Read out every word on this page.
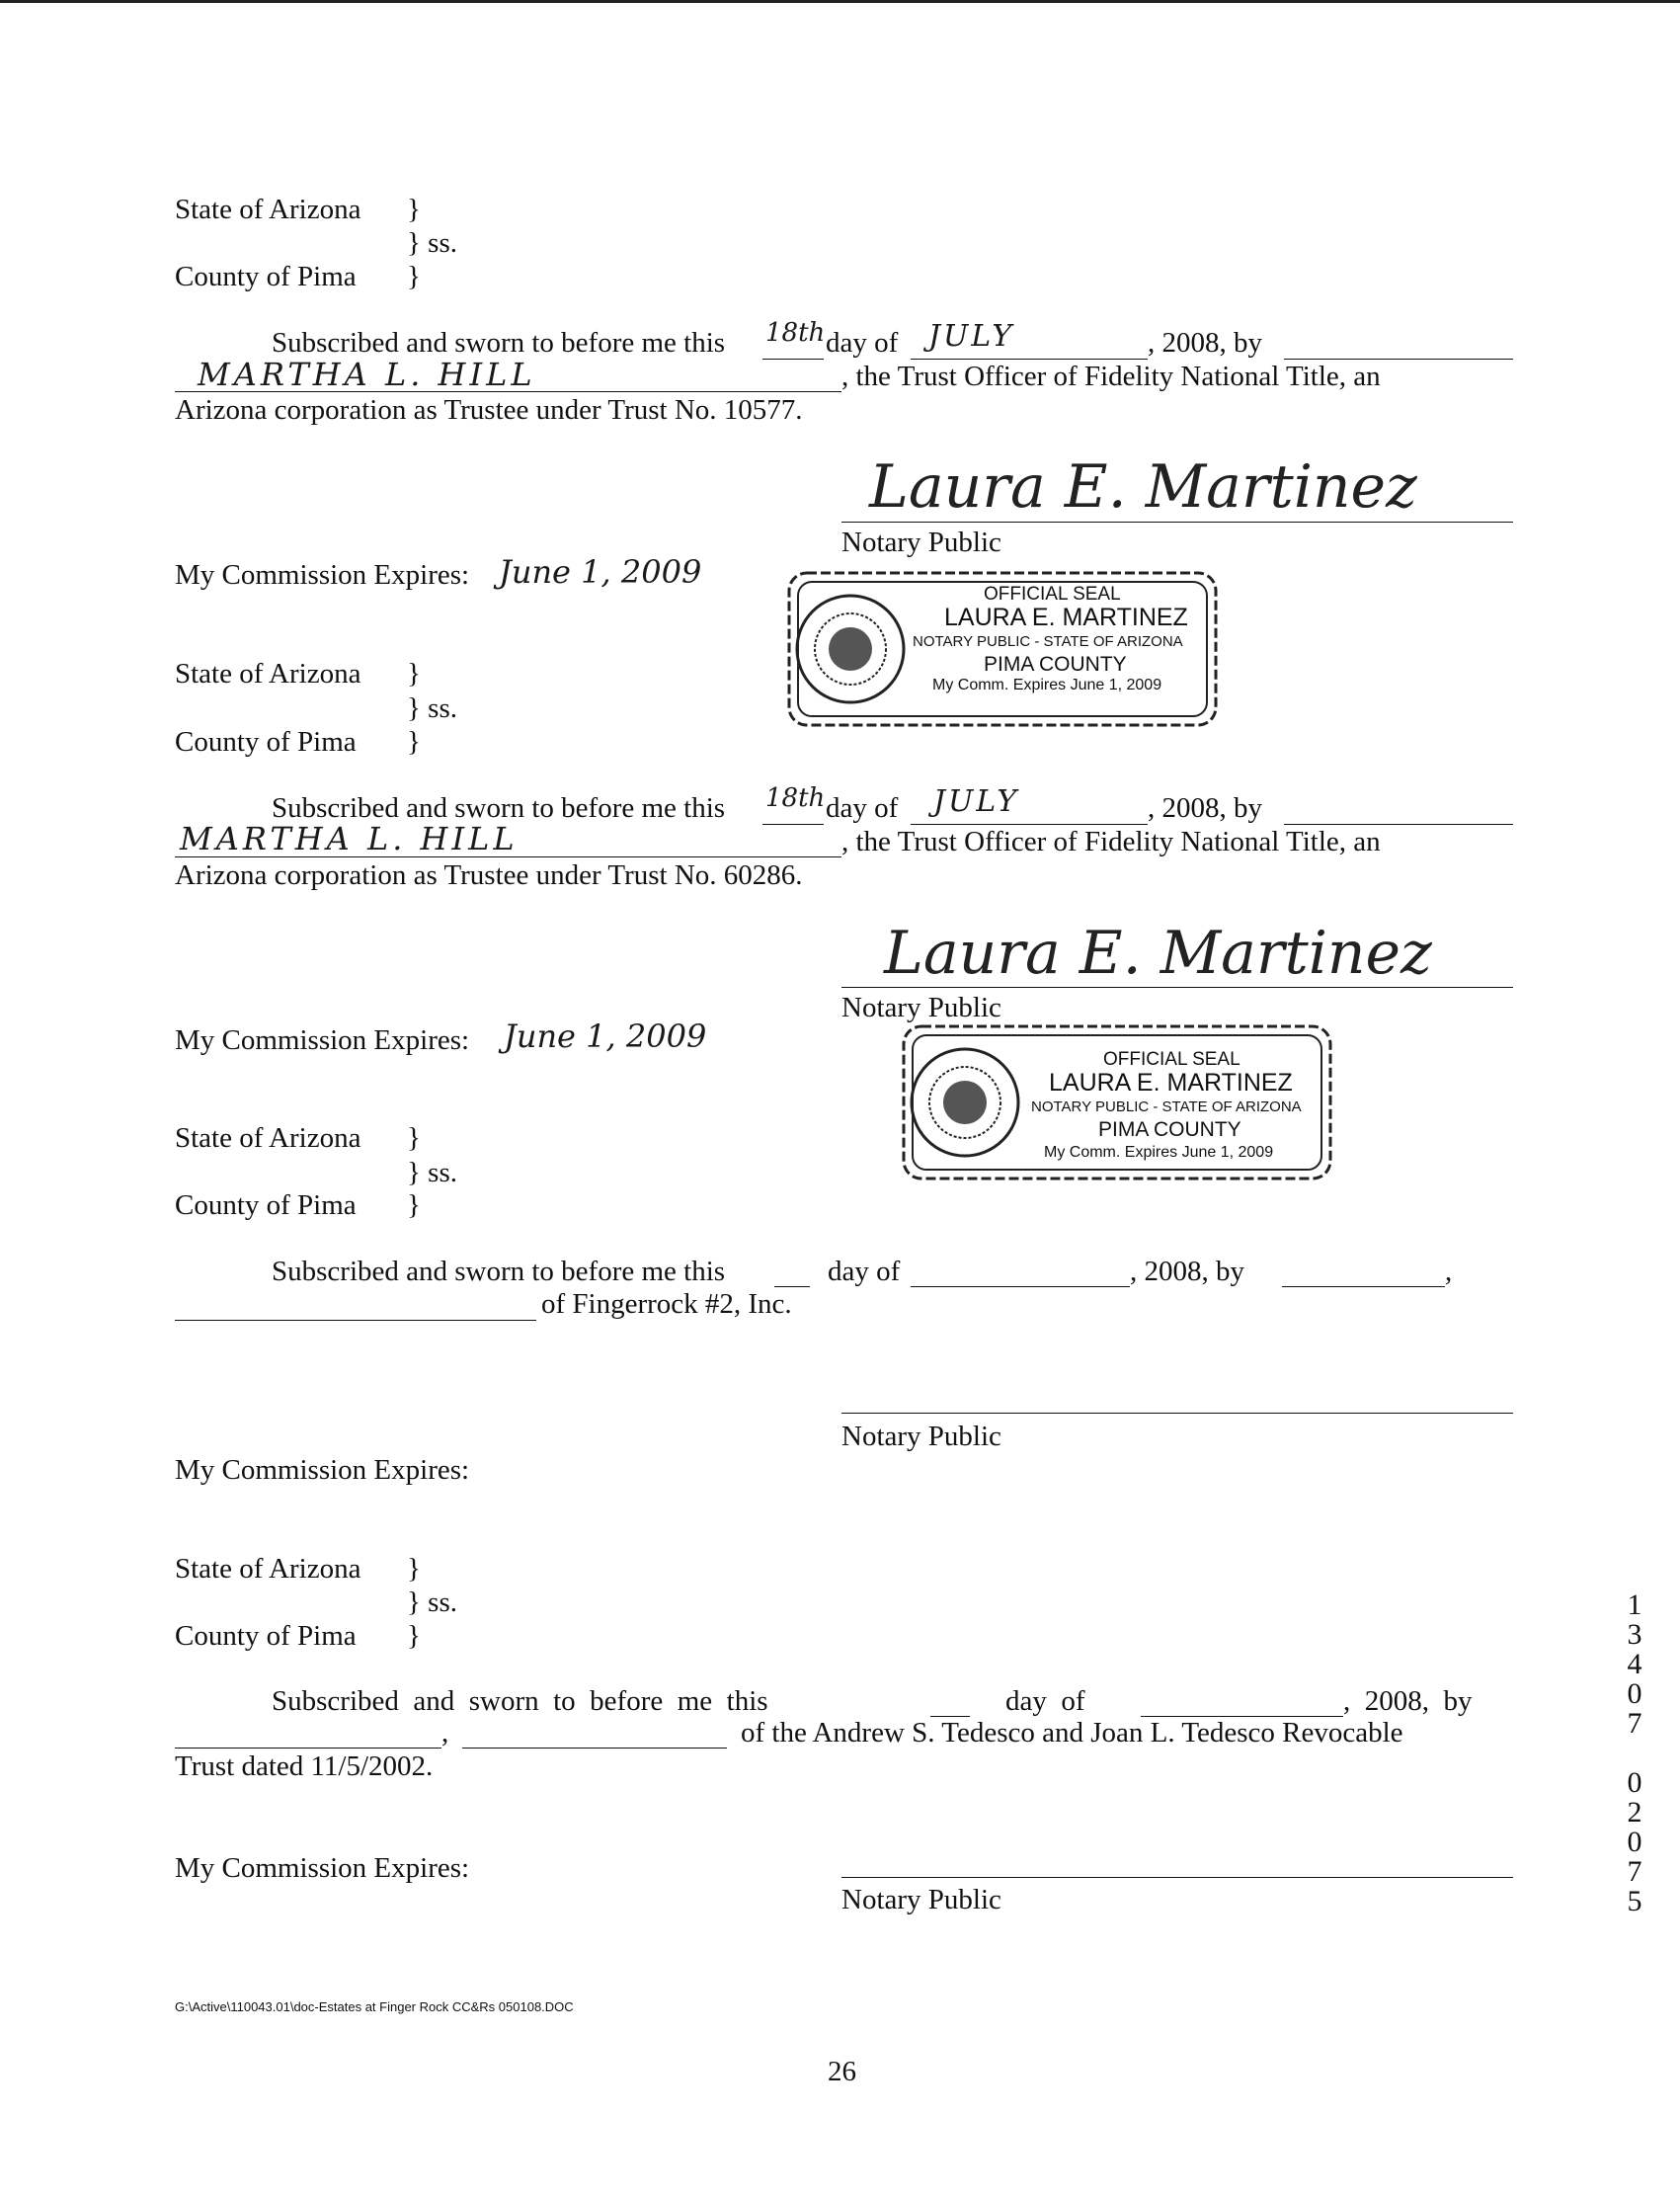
State of Arizona }
} ss.
County of Pima }
Subscribed and sworn to before me this 18th day of JULY	, 2008, by
MARTHA L. HILL	, the Trust Officer of Fidelity National Title, an
Arizona corporation as Trustee under Trust No. 10577.
Laura E. Martinez
Notary Public
My Commission Expires: June 1, 2009
OFFICIAL SEAL
LAURA E. MARTINEZ
NOTARY PUBLIC - STATE OF ARIZONA
PIMA COUNTY
My Comm. Expires June 1, 2009
State of Arizona }
} ss.
County of Pima }
Subscribed and sworn to before me this 18th day of JULY	, 2008, by
MARTHA L. HILL	, the Trust Officer of Fidelity National Title, an
Arizona corporation as Trustee under Trust No. 60286.
Laura E. Martinez
Notary Public
My Commission Expires: June 1, 2009
OFFICIAL SEAL
LAURA E. MARTINEZ
NOTARY PUBLIC - STATE OF ARIZONA
PIMA COUNTY
My Comm. Expires June 1, 2009
State of Arizona }
} ss.
County of Pima }
Subscribed and sworn to before me this	day of	, 2008, by	,
of Fingerrock #2, Inc.
Notary Public
My Commission Expires:
State of Arizona }
} ss.
County of Pima }
Subscribed  and  sworn  to  before  me  this	day  of	,  2008,  by
,	of the Andrew S. Tedesco and Joan L. Tedesco Revocable
Trust dated 11/5/2002.
My Commission Expires:
Notary Public
1
3
4
0
7
0
2
0
7
5
G:\Active\110043.01\doc-Estates at Finger Rock CC&Rs 050108.DOC
26
